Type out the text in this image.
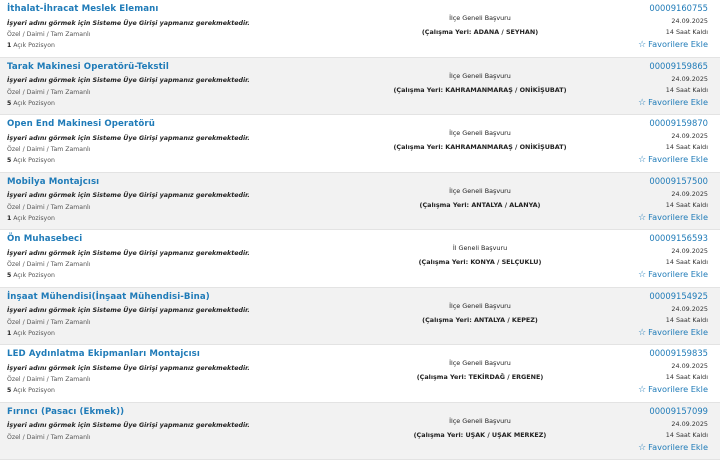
İthalat-İhracat Meslek Elemanı
İşyeri adını görmek için Sisteme Üye Girişi yapmanız gerekmektedir.
Özel / Daimi / Tam Zamanlı
1 Açık Pozisyon
İlçe Geneli Başvuru
(Çalışma Yeri: ADANA / SEYHAN)
00009160755
24.09.2025
14 Saat Kaldı
☆ Favorilere Ekle
Tarak Makinesi Operatörü-Tekstil
İşyeri adını görmek için Sisteme Üye Girişi yapmanız gerekmektedir.
Özel / Daimi / Tam Zamanlı
5 Açık Pozisyon
İlçe Geneli Başvuru
(Çalışma Yeri: KAHRAMANMARAŞ / ONİKİŞUBAT)
00009159865
24.09.2025
14 Saat Kaldı
☆ Favorilere Ekle
Open End Makinesi Operatörü
İşyeri adını görmek için Sisteme Üye Girişi yapmanız gerekmektedir.
Özel / Daimi / Tam Zamanlı
5 Açık Pozisyon
İlçe Geneli Başvuru
(Çalışma Yeri: KAHRAMANMARAŞ / ONİKİŞUBAT)
00009159870
24.09.2025
14 Saat Kaldı
☆ Favorilere Ekle
Mobilya Montajcısı
İşyeri adını görmek için Sisteme Üye Girişi yapmanız gerekmektedir.
Özel / Daimi / Tam Zamanlı
1 Açık Pozisyon
İlçe Geneli Başvuru
(Çalışma Yeri: ANTALYA / ALANYA)
00009157500
24.09.2025
14 Saat Kaldı
☆ Favorilere Ekle
Ön Muhasebeci
İşyeri adını görmek için Sisteme Üye Girişi yapmanız gerekmektedir.
Özel / Daimi / Tam Zamanlı
5 Açık Pozisyon
İl Geneli Başvuru
(Çalışma Yeri: KONYA / SELÇUKLU)
00009156593
24.09.2025
14 Saat Kaldı
☆ Favorilere Ekle
İnşaat Mühendisi(İnşaat Mühendisi-Bina)
İşyeri adını görmek için Sisteme Üye Girişi yapmanız gerekmektedir.
Özel / Daimi / Tam Zamanlı
1 Açık Pozisyon
İlçe Geneli Başvuru
(Çalışma Yeri: ANTALYA / KEPEZ)
00009154925
24.09.2025
14 Saat Kaldı
☆ Favorilere Ekle
LED Aydınlatma Ekipmanları Montajcısı
İşyeri adını görmek için Sisteme Üye Girişi yapmanız gerekmektedir.
Özel / Daimi / Tam Zamanlı
5 Açık Pozisyon
İlçe Geneli Başvuru
(Çalışma Yeri: TEKİRDAĞ / ERGENE)
00009159835
24.09.2025
14 Saat Kaldı
☆ Favorilere Ekle
Fırıncı (Pasacı (Ekmek))
İşyeri adını görmek için Sisteme Üye Girişi yapmanız gerekmektedir.
Özel / Daimi / Tam Zamanlı
İlçe Geneli Başvuru
(Çalışma Yeri: UŞAK / UŞAK MERKEZ)
00009157099
24.09.2025
14 Saat Kaldı
☆ Favorilere Ekle
